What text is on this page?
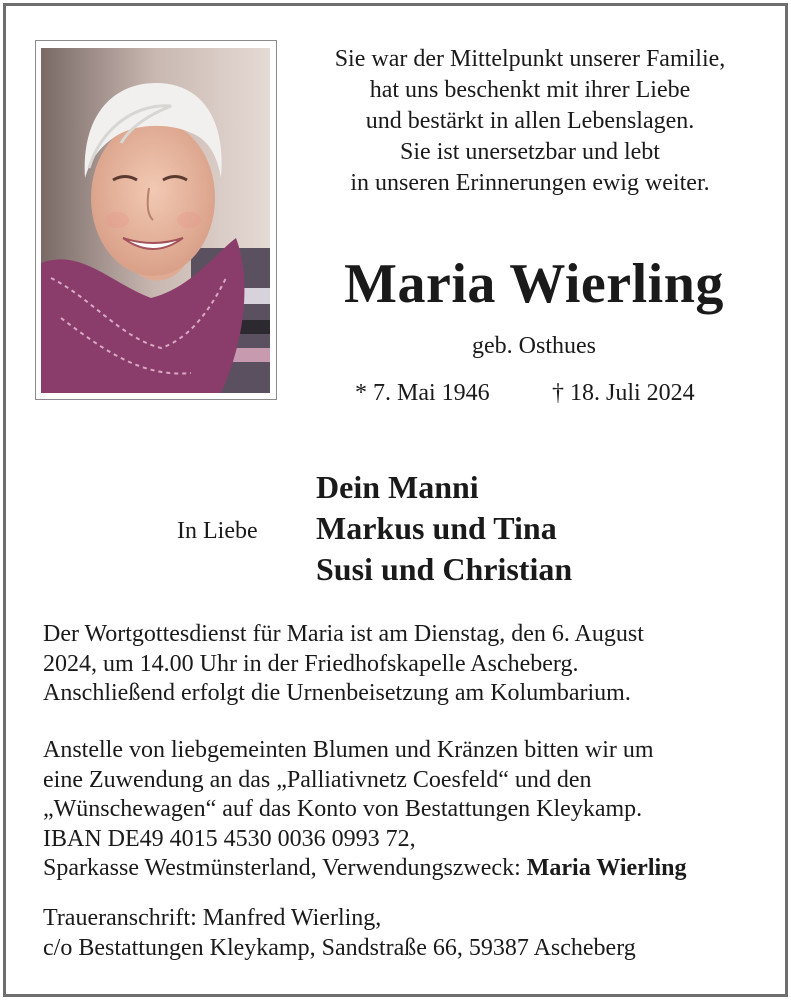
Sie war der Mittelpunkt unserer Familie,
hat uns beschenkt mit ihrer Liebe
und bestärkt in allen Lebenslagen.
Sie ist unersetzbar und lebt
in unseren Erinnerungen ewig weiter.
Maria Wierling
geb. Osthues
* 7. Mai 1946	† 18. Juli 2024
In Liebe
Dein Manni
Markus und Tina
Susi und Christian
Der Wortgottesdienst für Maria ist am Dienstag, den 6. August
2024, um 14.00 Uhr in der Friedhofskapelle Ascheberg.
Anschließend erfolgt die Urnenbeisetzung am Kolumbarium.
Anstelle von liebgemeinten Blumen und Kränzen bitten wir um
eine Zuwendung an das „Palliativnetz Coesfeld“ und den
„Wünschewagen“ auf das Konto von Bestattungen Kleykamp.
IBAN DE49 4015 4530 0036 0993 72,
Sparkasse Westmünsterland, Verwendungszweck: Maria Wierling
Traueranschrift: Manfred Wierling,
c/o Bestattungen Kleykamp, Sandstraße 66, 59387 Ascheberg
